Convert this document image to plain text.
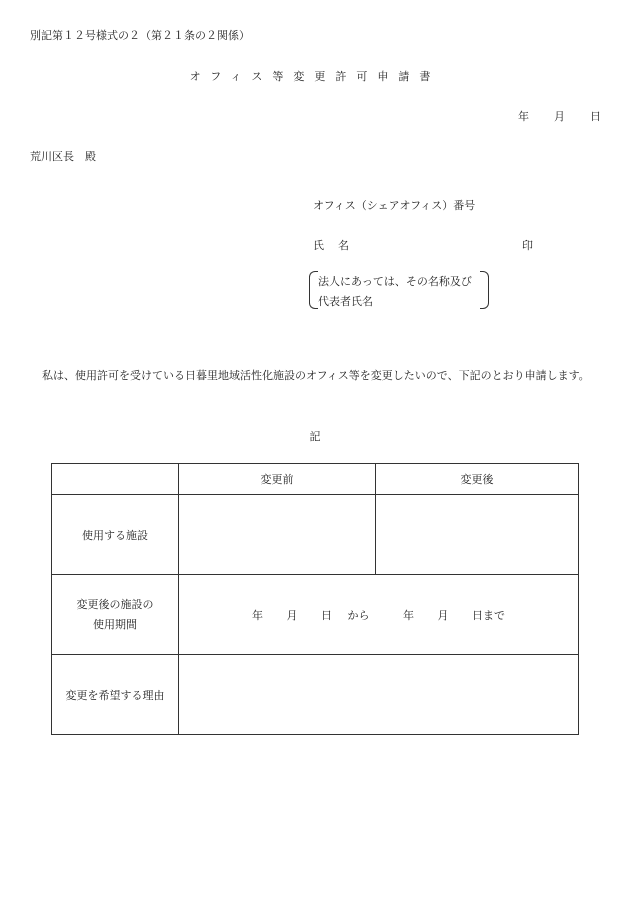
別記第１２号様式の２（第２１条の２関係）
オフィス等変更許可申請書
年 月 日
荒川区長　殿
オフィス（シェアオフィス）番号
氏名	印
法人にあっては、その名称及び
代表者氏名
私は、使用許可を受けている日暮里地域活性化施設のオフィス等を変更したいので、下記のとおり申請します。
記
	変更前	変更後
使用する施設		

変更後の施設の
使用期間	年 月 日 から 年 月 日まで	
変更を希望する理由		
